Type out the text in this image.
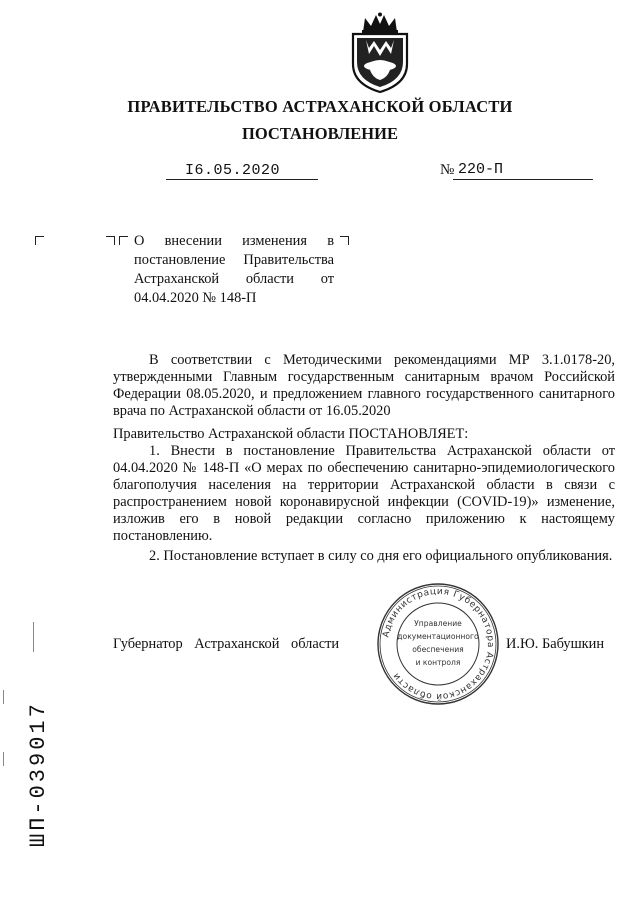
ПРАВИТЕЛЬСТВО АСТРАХАНСКОЙ ОБЛАСТИ
ПОСТАНОВЛЕНИЕ
I6.05.2020	№ 220-П
О внесении изменения в постановление Правительства Астраханской области от 04.04.2020 № 148-П
В соответствии с Методическими рекомендациями МР 3.1.0178-20, утвержденными Главным государственным санитарным врачом Российской Федерации 08.05.2020, и предложением главного государственного санитарного врача по Астраханской области от 16.05.2020
Правительство Астраханской области ПОСТАНОВЛЯЕТ:
1. Внести в постановление Правительства Астраханской области от 04.04.2020 № 148-П «О мерах по обеспечению санитарно-эпидемиологического благополучия населения на территории Астраханской области в связи с распространением новой коронавирусной инфекции (COVID-19)» изменение, изложив его в новой редакции согласно приложению к настоящему постановлению.
2. Постановление вступает в силу со дня его официального опубликования.
Губернатор Астраханской области	И.Ю. Бабушкин
Администрация Губернатора Астраханской области
Управление
документационного
обеспечения
и контроля
ШП-039017
